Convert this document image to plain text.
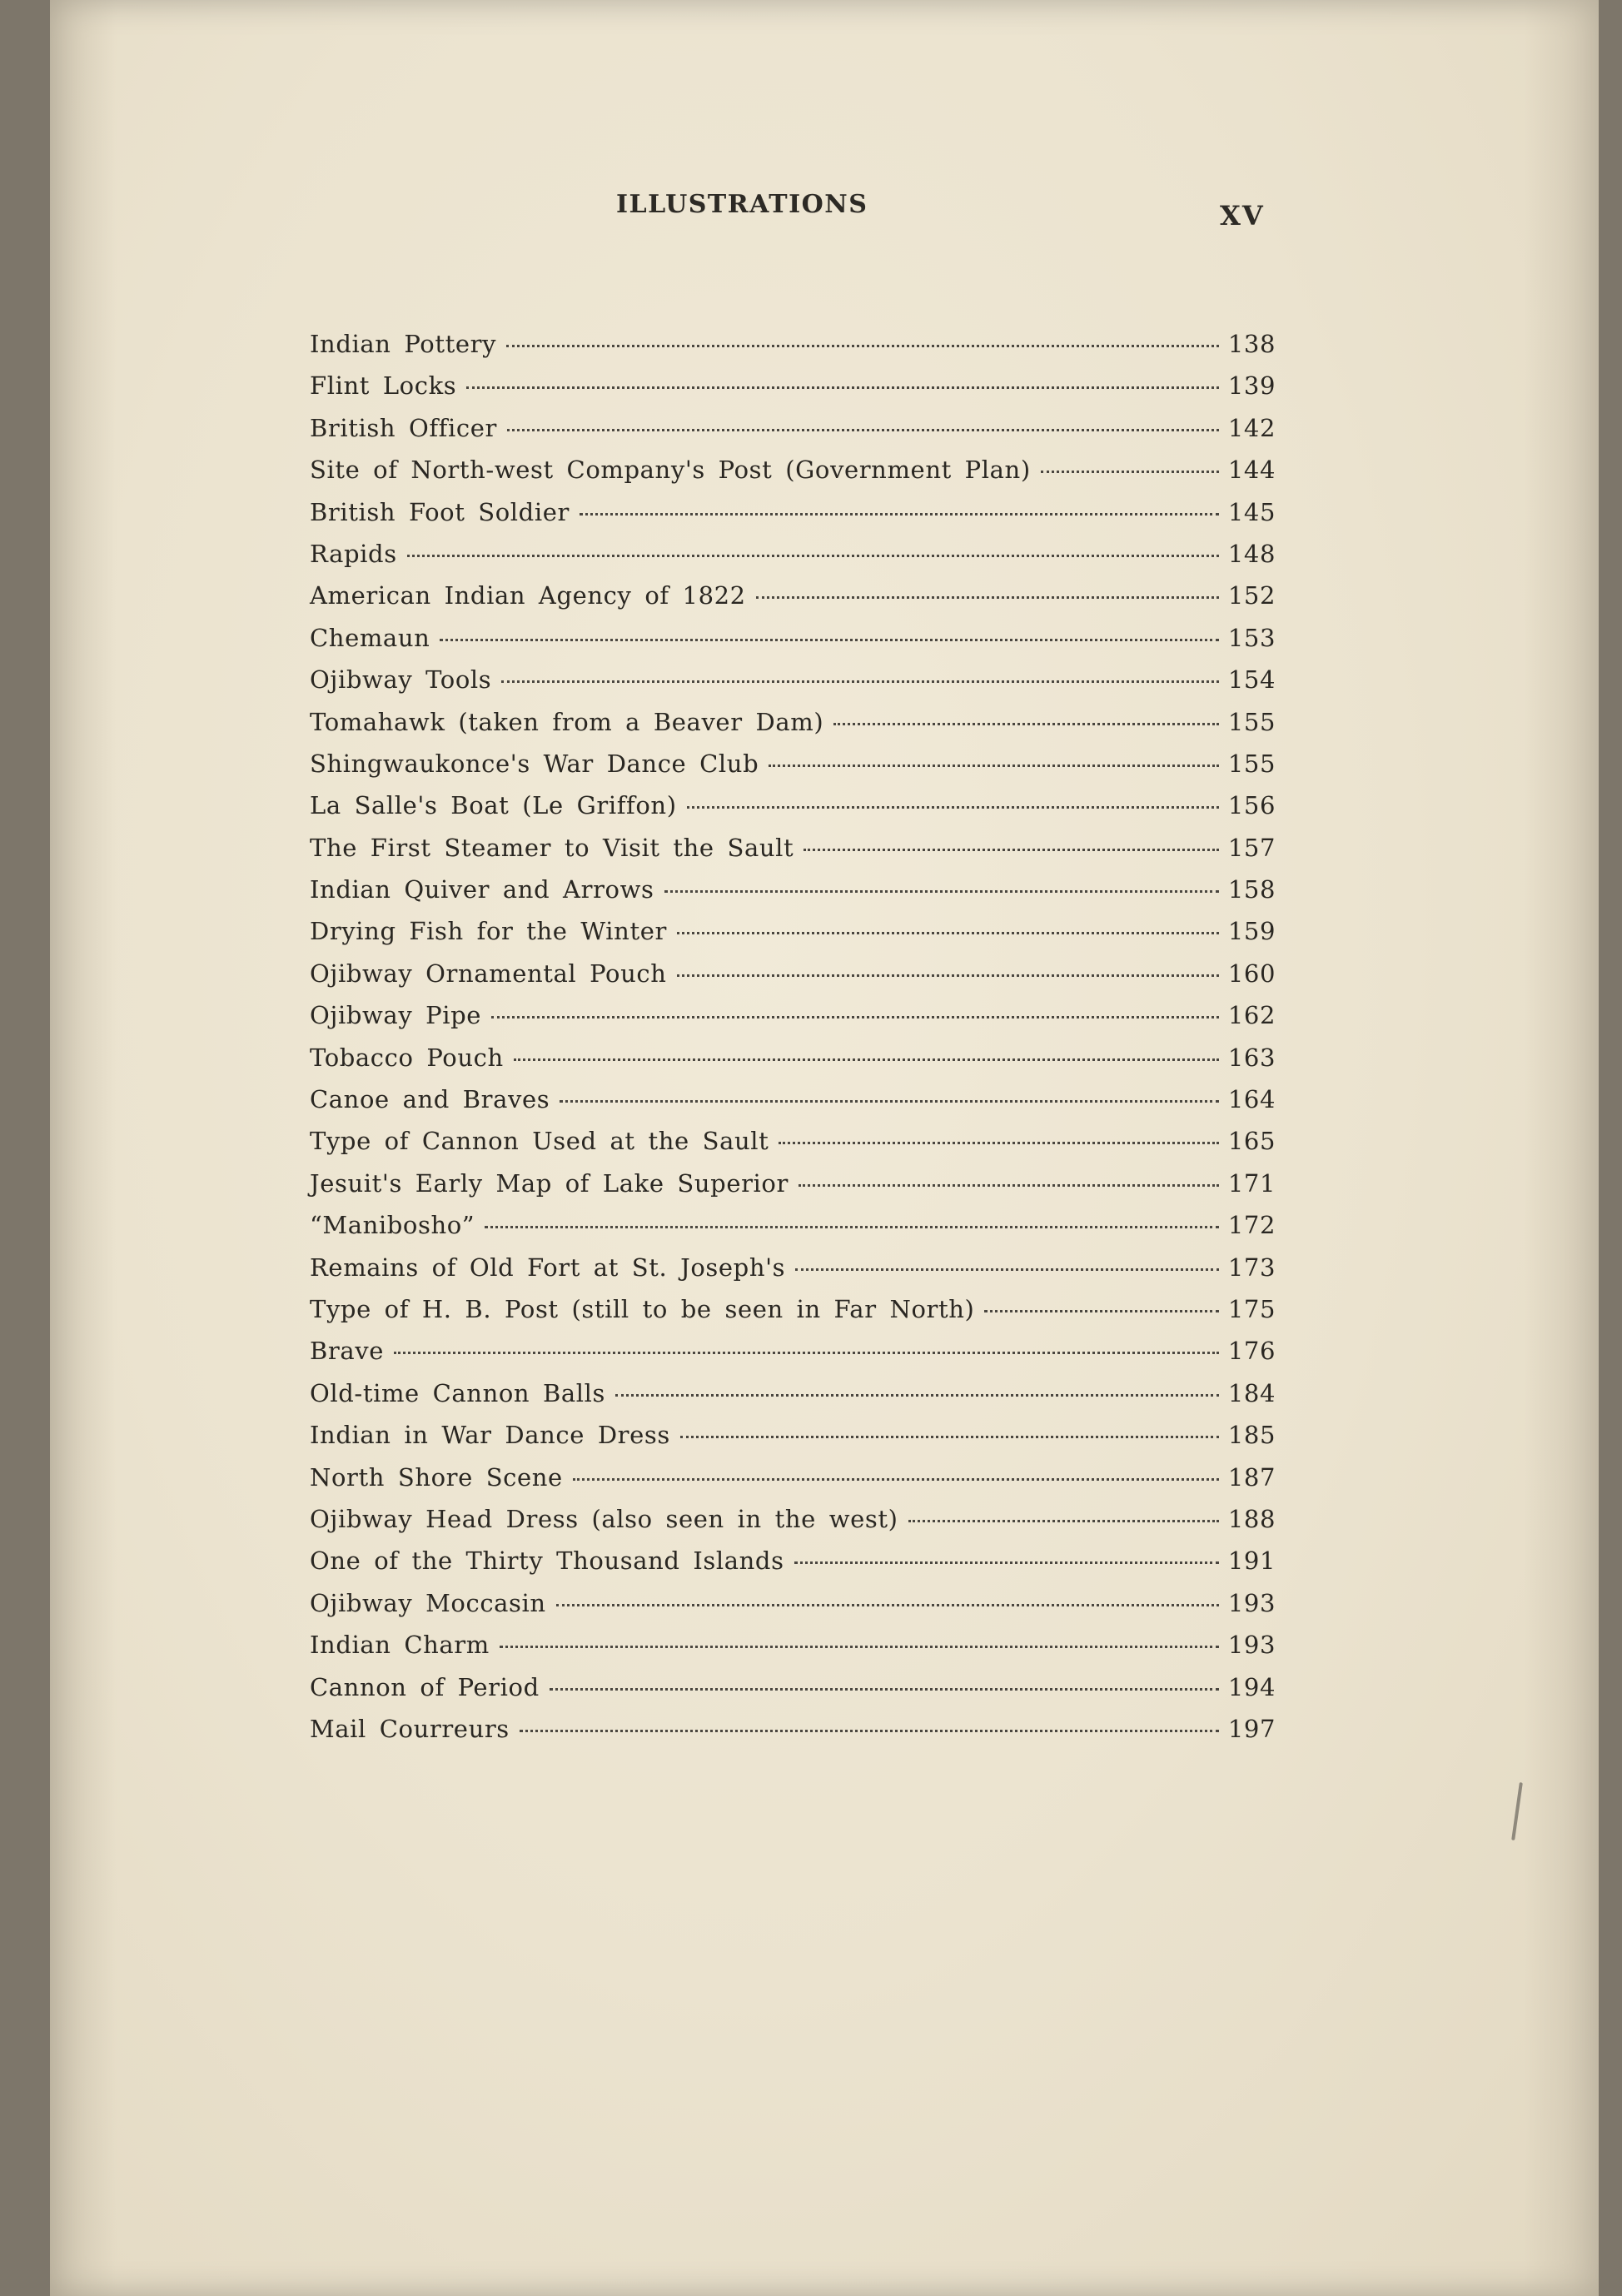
ILLUSTRATIONS	XV
Indian Pottery	138
Flint Locks	139
British Officer	142
Site of North-west Company's Post (Government Plan)	144
British Foot Soldier	145
Rapids	148
American Indian Agency of 1822	152
Chemaun	153
Ojibway Tools	154
Tomahawk (taken from a Beaver Dam)	155
Shingwaukonce's War Dance Club	155
La Salle's Boat (Le Griffon)	156
The First Steamer to Visit the Sault	157
Indian Quiver and Arrows	158
Drying Fish for the Winter	159
Ojibway Ornamental Pouch	160
Ojibway Pipe	162
Tobacco Pouch	163
Canoe and Braves	164
Type of Cannon Used at the Sault	165
Jesuit's Early Map of Lake Superior	171
“Manibosho”	172
Remains of Old Fort at St. Joseph's	173
Type of H. B. Post (still to be seen in Far North)	175
Brave	176
Old-time Cannon Balls	184
Indian in War Dance Dress	185
North Shore Scene	187
Ojibway Head Dress (also seen in the west)	188
One of the Thirty Thousand Islands	191
Ojibway Moccasin	193
Indian Charm	193
Cannon of Period	194
Mail Courreurs	197
